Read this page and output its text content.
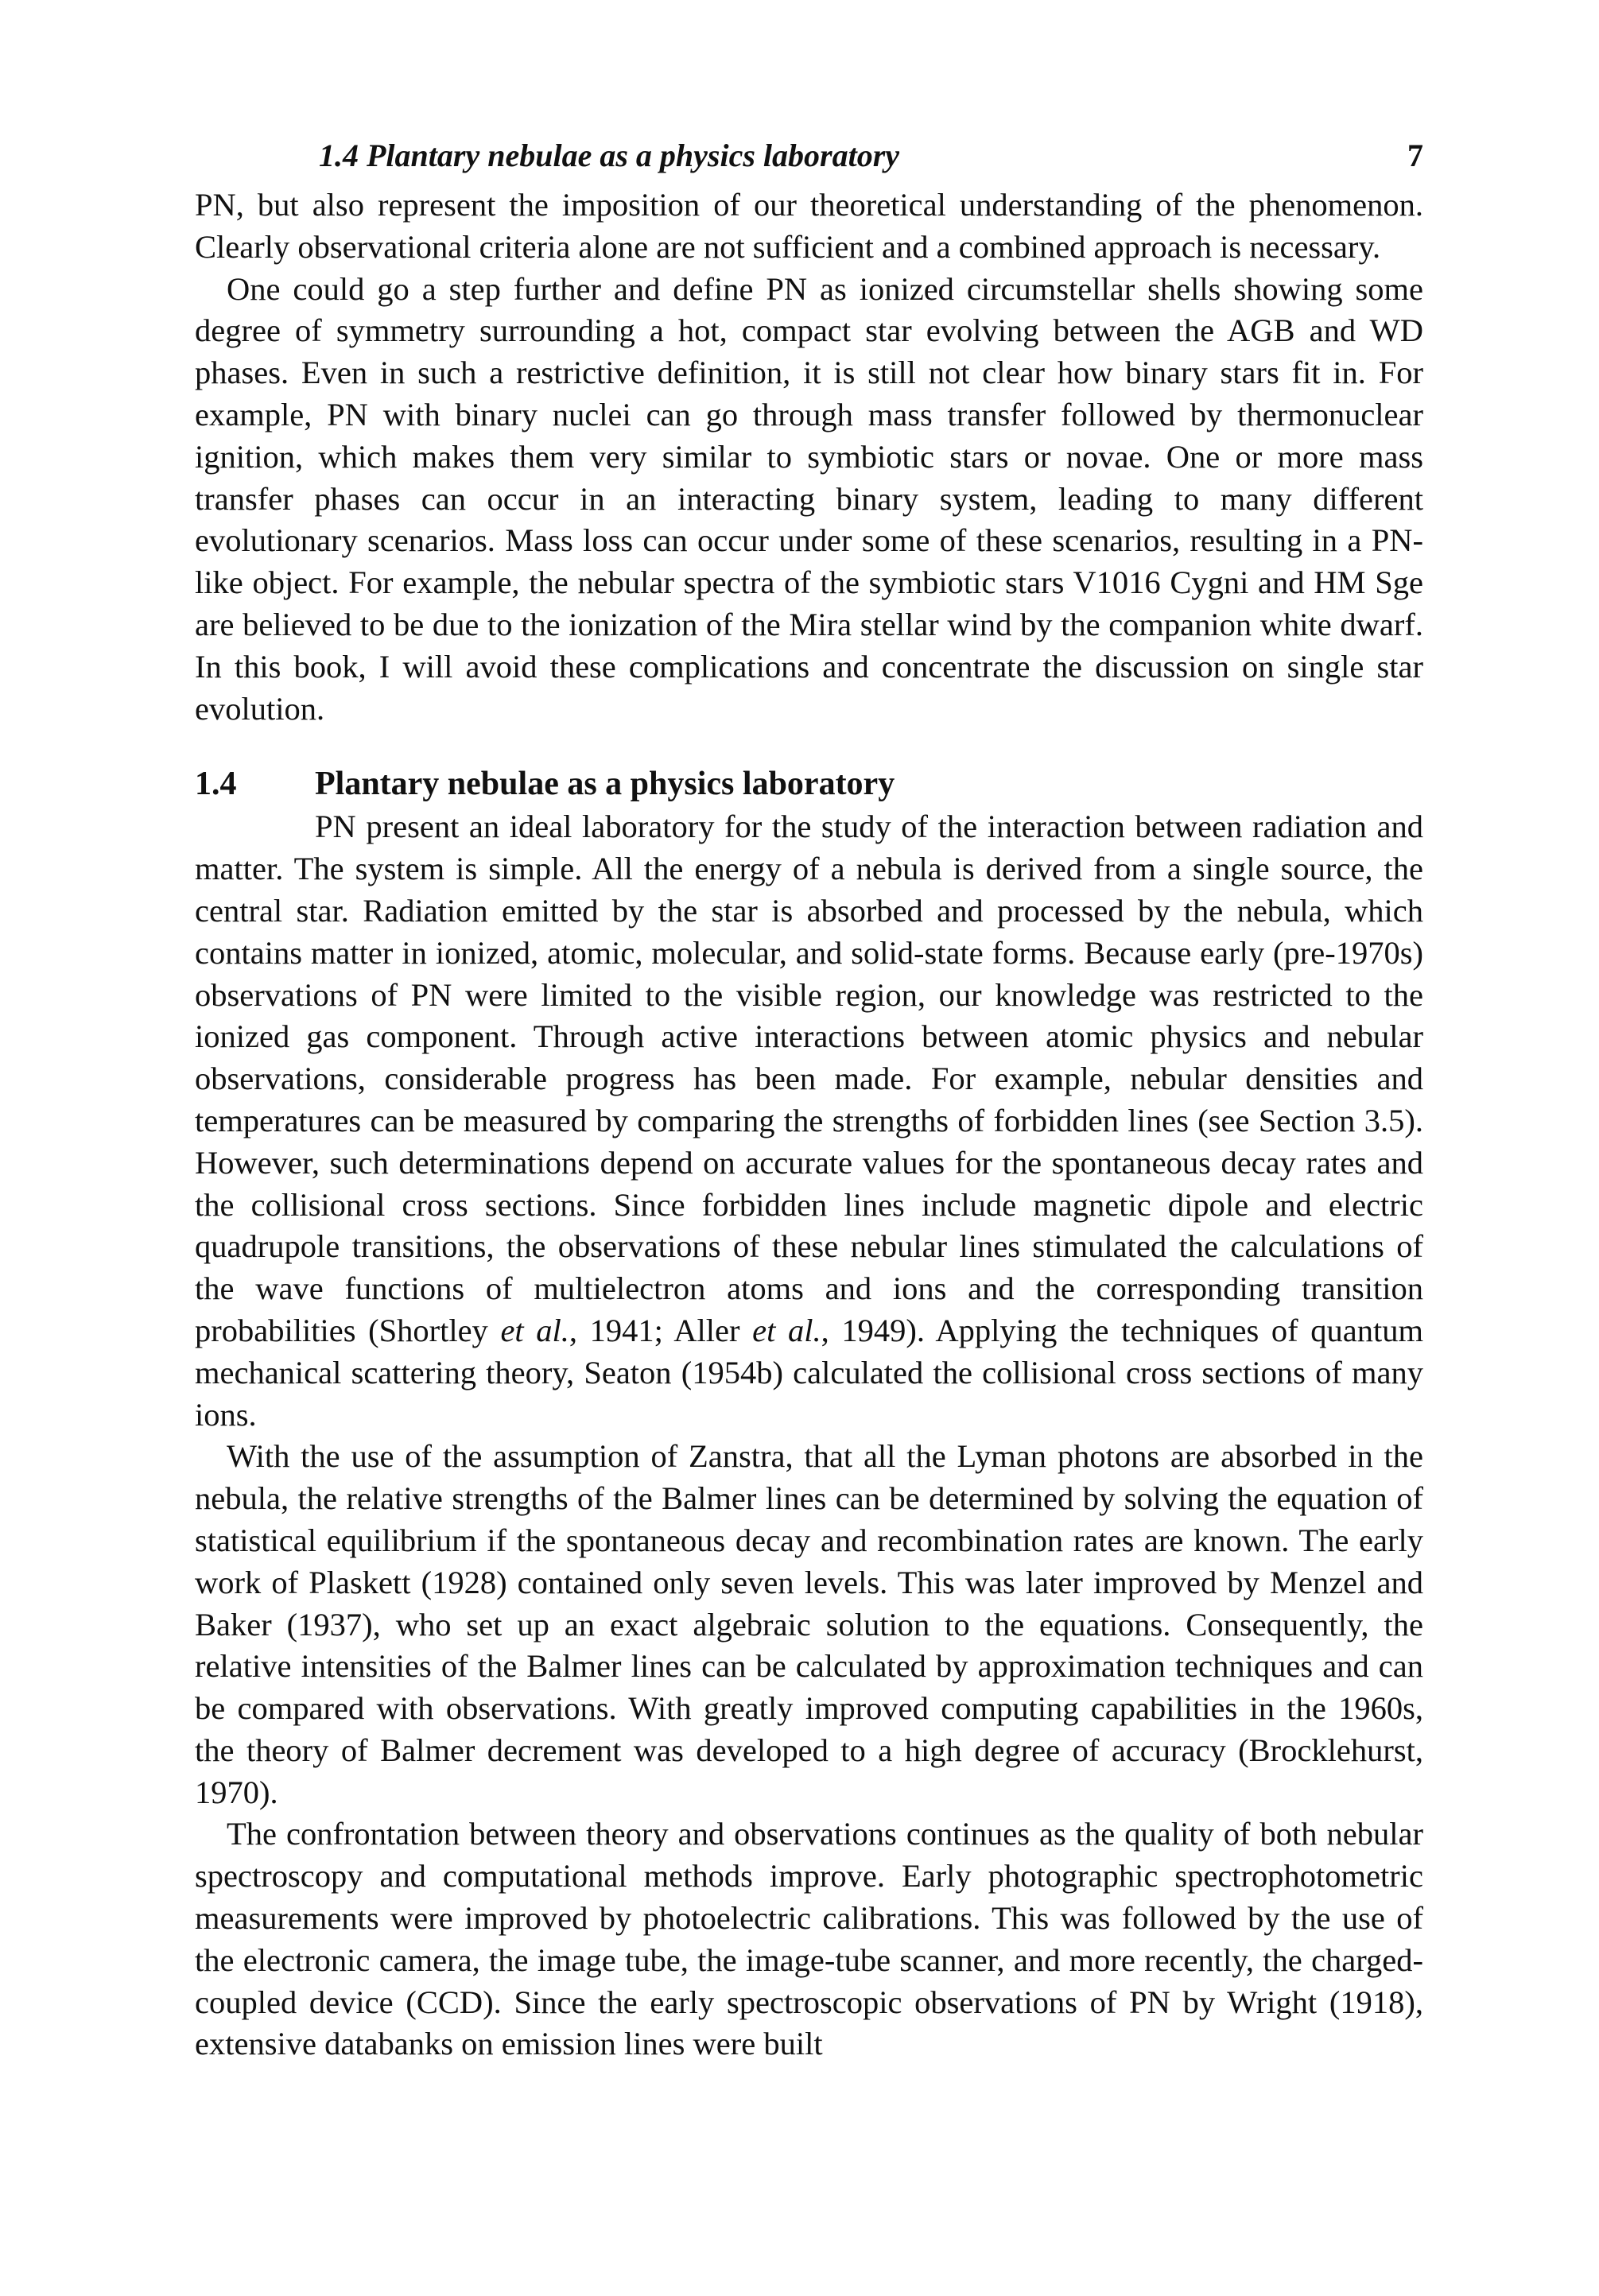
1.4 Plantary nebulae as a physics laboratory	7

PN, but also represent the imposition of our theoretical understanding of the phenomenon. Clearly observational criteria alone are not sufficient and a combined approach is necessary.

One could go a step further and define PN as ionized circumstellar shells showing some degree of symmetry surrounding a hot, compact star evolving between the AGB and WD phases. Even in such a restrictive definition, it is still not clear how binary stars fit in. For example, PN with binary nuclei can go through mass transfer followed by thermonuclear ignition, which makes them very similar to symbiotic stars or novae. One or more mass transfer phases can occur in an interacting binary system, leading to many different evolutionary scenarios. Mass loss can occur under some of these scenarios, resulting in a PN-like object. For example, the nebular spectra of the symbiotic stars V1016 Cygni and HM Sge are believed to be due to the ionization of the Mira stellar wind by the companion white dwarf. In this book, I will avoid these complications and concentrate the discussion on single star evolution.

1.4	Plantary nebulae as a physics laboratory

PN present an ideal laboratory for the study of the interaction between radiation and matter. The system is simple. All the energy of a nebula is derived from a single source, the central star. Radiation emitted by the star is absorbed and processed by the nebula, which contains matter in ionized, atomic, molecular, and solid-state forms. Because early (pre-1970s) observations of PN were limited to the visible region, our knowledge was restricted to the ionized gas component. Through active interactions between atomic physics and nebular observations, considerable progress has been made. For example, nebular densities and temperatures can be measured by comparing the strengths of forbidden lines (see Section 3.5). However, such determinations depend on accurate values for the spontaneous decay rates and the collisional cross sections. Since forbidden lines include magnetic dipole and electric quadrupole transitions, the observations of these nebular lines stimulated the calculations of the wave functions of multielectron atoms and ions and the corresponding transition probabilities (Shortley et al., 1941; Aller et al., 1949). Applying the techniques of quantum mechanical scattering theory, Seaton (1954b) calculated the collisional cross sections of many ions.

With the use of the assumption of Zanstra, that all the Lyman photons are absorbed in the nebula, the relative strengths of the Balmer lines can be determined by solving the equation of statistical equilibrium if the spontaneous decay and recombination rates are known. The early work of Plaskett (1928) contained only seven levels. This was later improved by Menzel and Baker (1937), who set up an exact algebraic solution to the equations. Consequently, the relative intensities of the Balmer lines can be calculated by approximation techniques and can be compared with observations. With greatly improved computing capabilities in the 1960s, the theory of Balmer decrement was developed to a high degree of accuracy (Brocklehurst, 1970).

The confrontation between theory and observations continues as the quality of both nebular spectroscopy and computational methods improve. Early photographic spectrophotometric measurements were improved by photoelectric calibrations. This was followed by the use of the electronic camera, the image tube, the image-tube scanner, and more recently, the charged-coupled device (CCD). Since the early spectroscopic observations of PN by Wright (1918), extensive databanks on emission lines were built
